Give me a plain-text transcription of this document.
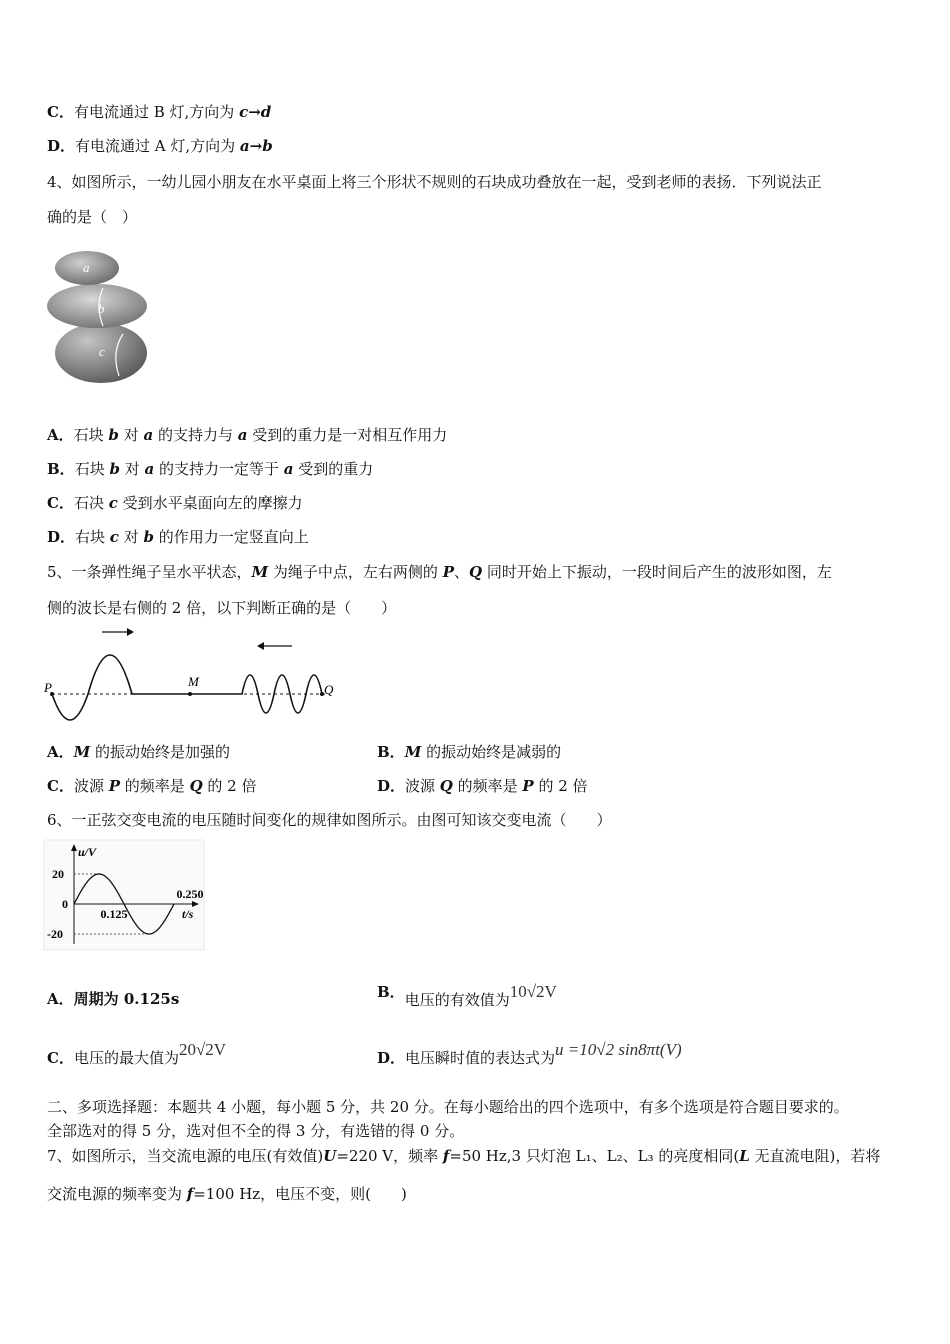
C．有电流通过 B 灯,方向为 c→d
D．有电流通过 A 灯,方向为 a→b
4、如图所示，一幼儿园小朋友在水平桌面上将三个形状不规则的石块成功叠放在一起，受到老师的表扬．下列说法正
确的是（　）
a
b
c
A．石块 b 对 a 的支持力与 a 受到的重力是一对相互作用力
B．石块 b 对 a 的支持力一定等于 a 受到的重力
C．石决 c 受到水平桌面向左的摩擦力
D．右块 c 对 b 的作用力一定竖直向上
5、一条弹性绳子呈水平状态，M 为绳子中点，左右两侧的 P、Q 同时开始上下振动，一段时间后产生的波形如图，左
侧的波长是右侧的 2 倍，以下判断正确的是（　　）
P	M
Q
A．M 的振动始终是加强的	B．M 的振动始终是减弱的
C．波源 P 的频率是 Q 的 2 倍	D．波源 Q 的频率是 P 的 2 倍
6、一正弦交变电流的电压随时间变化的规律如图所示。由图可知该交变电流（　　）
u/V
t/s
0
20
-20
0.125
0.250
A．周期为 0.125s	B．电压的有效值为10√2V
C．电压的最大值为20√2V	D．电压瞬时值的表达式为u =10√2 sin8πt(V)
二、多项选择题：本题共 4 小题，每小题 5 分，共 20 分。在每小题给出的四个选项中，有多个选项是符合题目要求的。
全部选对的得 5 分，选对但不全的得 3 分，有选错的得 0 分。
7、如图所示，当交流电源的电压(有效值)U=220 V，频率 f=50 Hz,3 只灯泡 L₁、L₂、L₃ 的亮度相同(L 无直流电阻)，若将
交流电源的频率变为 f=100 Hz，电压不变，则(　　)
